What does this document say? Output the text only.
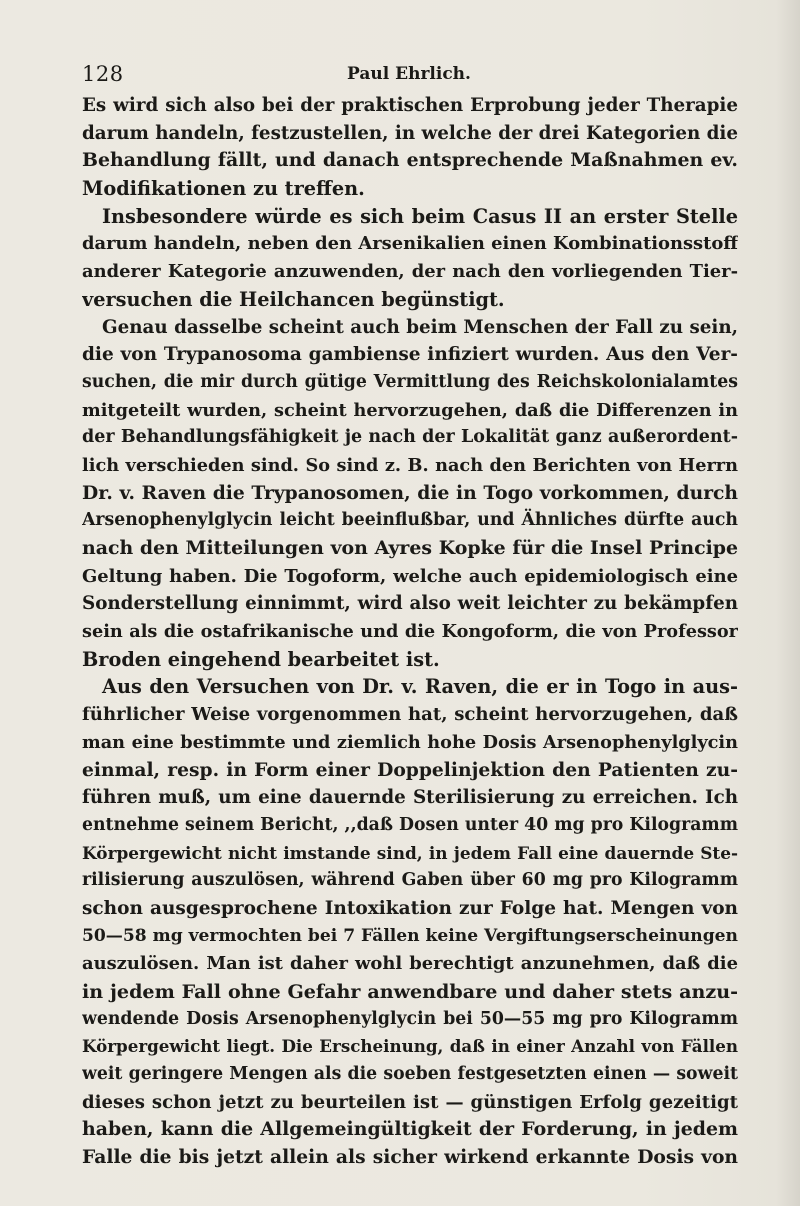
128	Paul Ehrlich.
Es wird sich also bei der praktischen Erprobung jeder Therapie
darum handeln, festzustellen, in welche der drei Kategorien die
Behandlung fällt, und danach entsprechende Maßnahmen ev.
Modifikationen zu treffen.
Insbesondere würde es sich beim Casus II an erster Stelle
darum handeln, neben den Arsenikalien einen Kombinationsstoff
anderer Kategorie anzuwenden, der nach den vorliegenden Tier-
versuchen die Heilchancen begünstigt.
Genau dasselbe scheint auch beim Menschen der Fall zu sein,
die von Trypanosoma gambiense infiziert wurden. Aus den Ver-
suchen, die mir durch gütige Vermittlung des Reichskolonialamtes
mitgeteilt wurden, scheint hervorzugehen, daß die Differenzen in
der Behandlungsfähigkeit je nach der Lokalität ganz außerordent-
lich verschieden sind. So sind z. B. nach den Berichten von Herrn
Dr. v. Raven die Trypanosomen, die in Togo vorkommen, durch
Arsenophenylglycin leicht beeinflußbar, und Ähnliches dürfte auch
nach den Mitteilungen von Ayres Kopke für die Insel Principe
Geltung haben. Die Togoform, welche auch epidemiologisch eine
Sonderstellung einnimmt, wird also weit leichter zu bekämpfen
sein als die ostafrikanische und die Kongoform, die von Professor
Broden eingehend bearbeitet ist.
Aus den Versuchen von Dr. v. Raven, die er in Togo in aus-
führlicher Weise vorgenommen hat, scheint hervorzugehen, daß
man eine bestimmte und ziemlich hohe Dosis Arsenophenylglycin
einmal, resp. in Form einer Doppelinjektion den Patienten zu-
führen muß, um eine dauernde Sterilisierung zu erreichen. Ich
entnehme seinem Bericht, ,,daß Dosen unter 40 mg pro Kilogramm
Körpergewicht nicht imstande sind, in jedem Fall eine dauernde Ste-
rilisierung auszulösen, während Gaben über 60 mg pro Kilogramm
schon ausgesprochene Intoxikation zur Folge hat. Mengen von
50—58 mg vermochten bei 7 Fällen keine Vergiftungserscheinungen
auszulösen. Man ist daher wohl berechtigt anzunehmen, daß die
in jedem Fall ohne Gefahr anwendbare und daher stets anzu-
wendende Dosis Arsenophenylglycin bei 50—55 mg pro Kilogramm
Körpergewicht liegt. Die Erscheinung, daß in einer Anzahl von Fällen
weit geringere Mengen als die soeben festgesetzten einen — soweit
dieses schon jetzt zu beurteilen ist — günstigen Erfolg gezeitigt
haben, kann die Allgemeingültigkeit der Forderung, in jedem
Falle die bis jetzt allein als sicher wirkend erkannte Dosis von
